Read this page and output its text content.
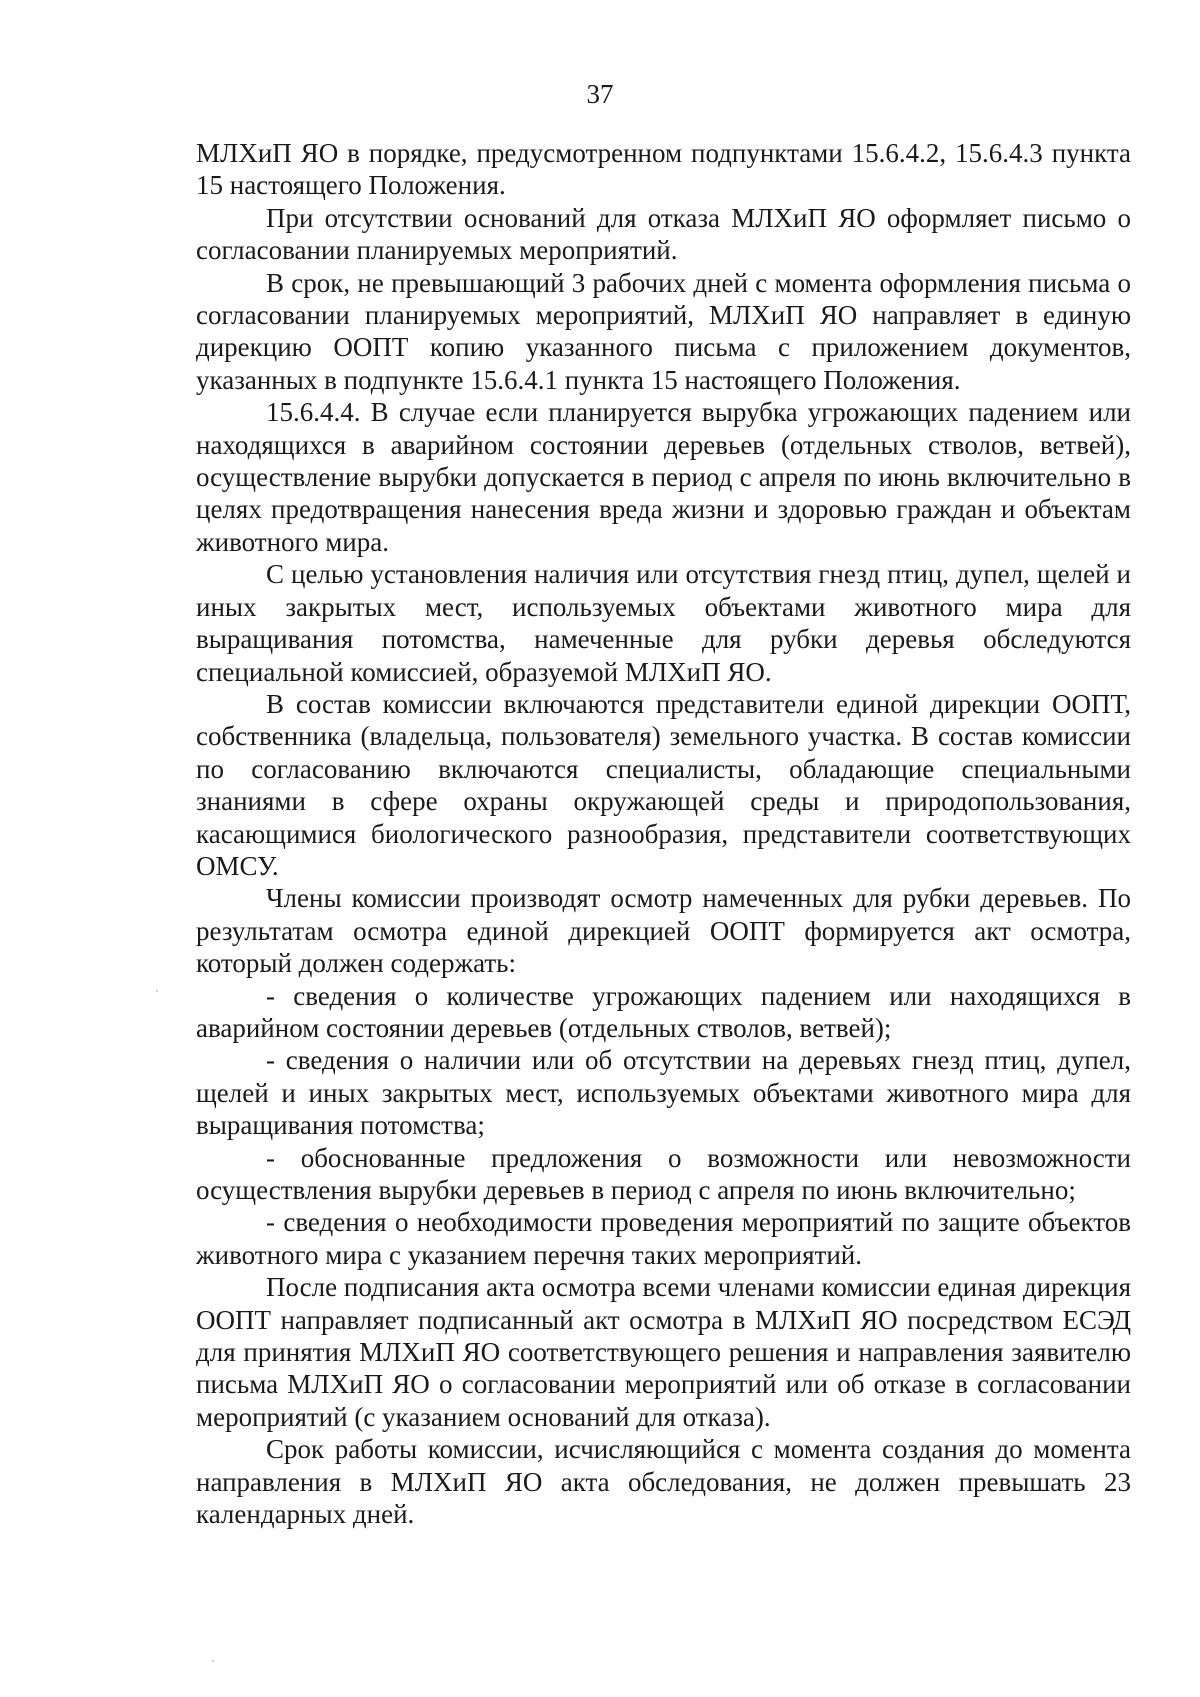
37

МЛХиП ЯО в порядке, предусмотренном подпунктами 15.6.4.2, 15.6.4.3 пункта 15 настоящего Положения.

При отсутствии оснований для отказа МЛХиП ЯО оформляет письмо о согласовании планируемых мероприятий.

В срок, не превышающий 3 рабочих дней с момента оформления письма о согласовании планируемых мероприятий, МЛХиП ЯО направляет в единую дирекцию ООПТ копию указанного письма с приложением документов, указанных в подпункте 15.6.4.1 пункта 15 настоящего Положения.

15.6.4.4. В случае если планируется вырубка угрожающих падением или находящихся в аварийном состоянии деревьев (отдельных стволов, ветвей), осуществление вырубки допускается в период с апреля по июнь включительно в целях предотвращения нанесения вреда жизни и здоровью граждан и объектам животного мира.

С целью установления наличия или отсутствия гнезд птиц, дупел, щелей и иных закрытых мест, используемых объектами животного мира для выращивания потомства, намеченные для рубки деревья обследуются специальной комиссией, образуемой МЛХиП ЯО.

В состав комиссии включаются представители единой дирекции ООПТ, собственника (владельца, пользователя) земельного участка. В состав комиссии по согласованию включаются специалисты, обладающие специальными знаниями в сфере охраны окружающей среды и природопользования, касающимися биологического разнообразия, представители соответствующих ОМСУ.

Члены комиссии производят осмотр намеченных для рубки деревьев. По результатам осмотра единой дирекцией ООПТ формируется акт осмотра, который должен содержать:

- сведения о количестве угрожающих падением или находящихся в аварийном состоянии деревьев (отдельных стволов, ветвей);

- сведения о наличии или об отсутствии на деревьях гнезд птиц, дупел, щелей и иных закрытых мест, используемых объектами животного мира для выращивания потомства;

- обоснованные предложения о возможности или невозможности осуществления вырубки деревьев в период с апреля по июнь включительно;

- сведения о необходимости проведения мероприятий по защите объектов животного мира с указанием перечня таких мероприятий.

После подписания акта осмотра всеми членами комиссии единая дирекция ООПТ направляет подписанный акт осмотра в МЛХиП ЯО посредством ЕСЭД для принятия МЛХиП ЯО соответствующего решения и направления заявителю письма МЛХиП ЯО о согласовании мероприятий или об отказе в согласовании мероприятий (с указанием оснований для отказа).

Срок работы комиссии, исчисляющийся с момента создания до момента направления в МЛХиП ЯО акта обследования, не должен превышать 23 календарных дней.
